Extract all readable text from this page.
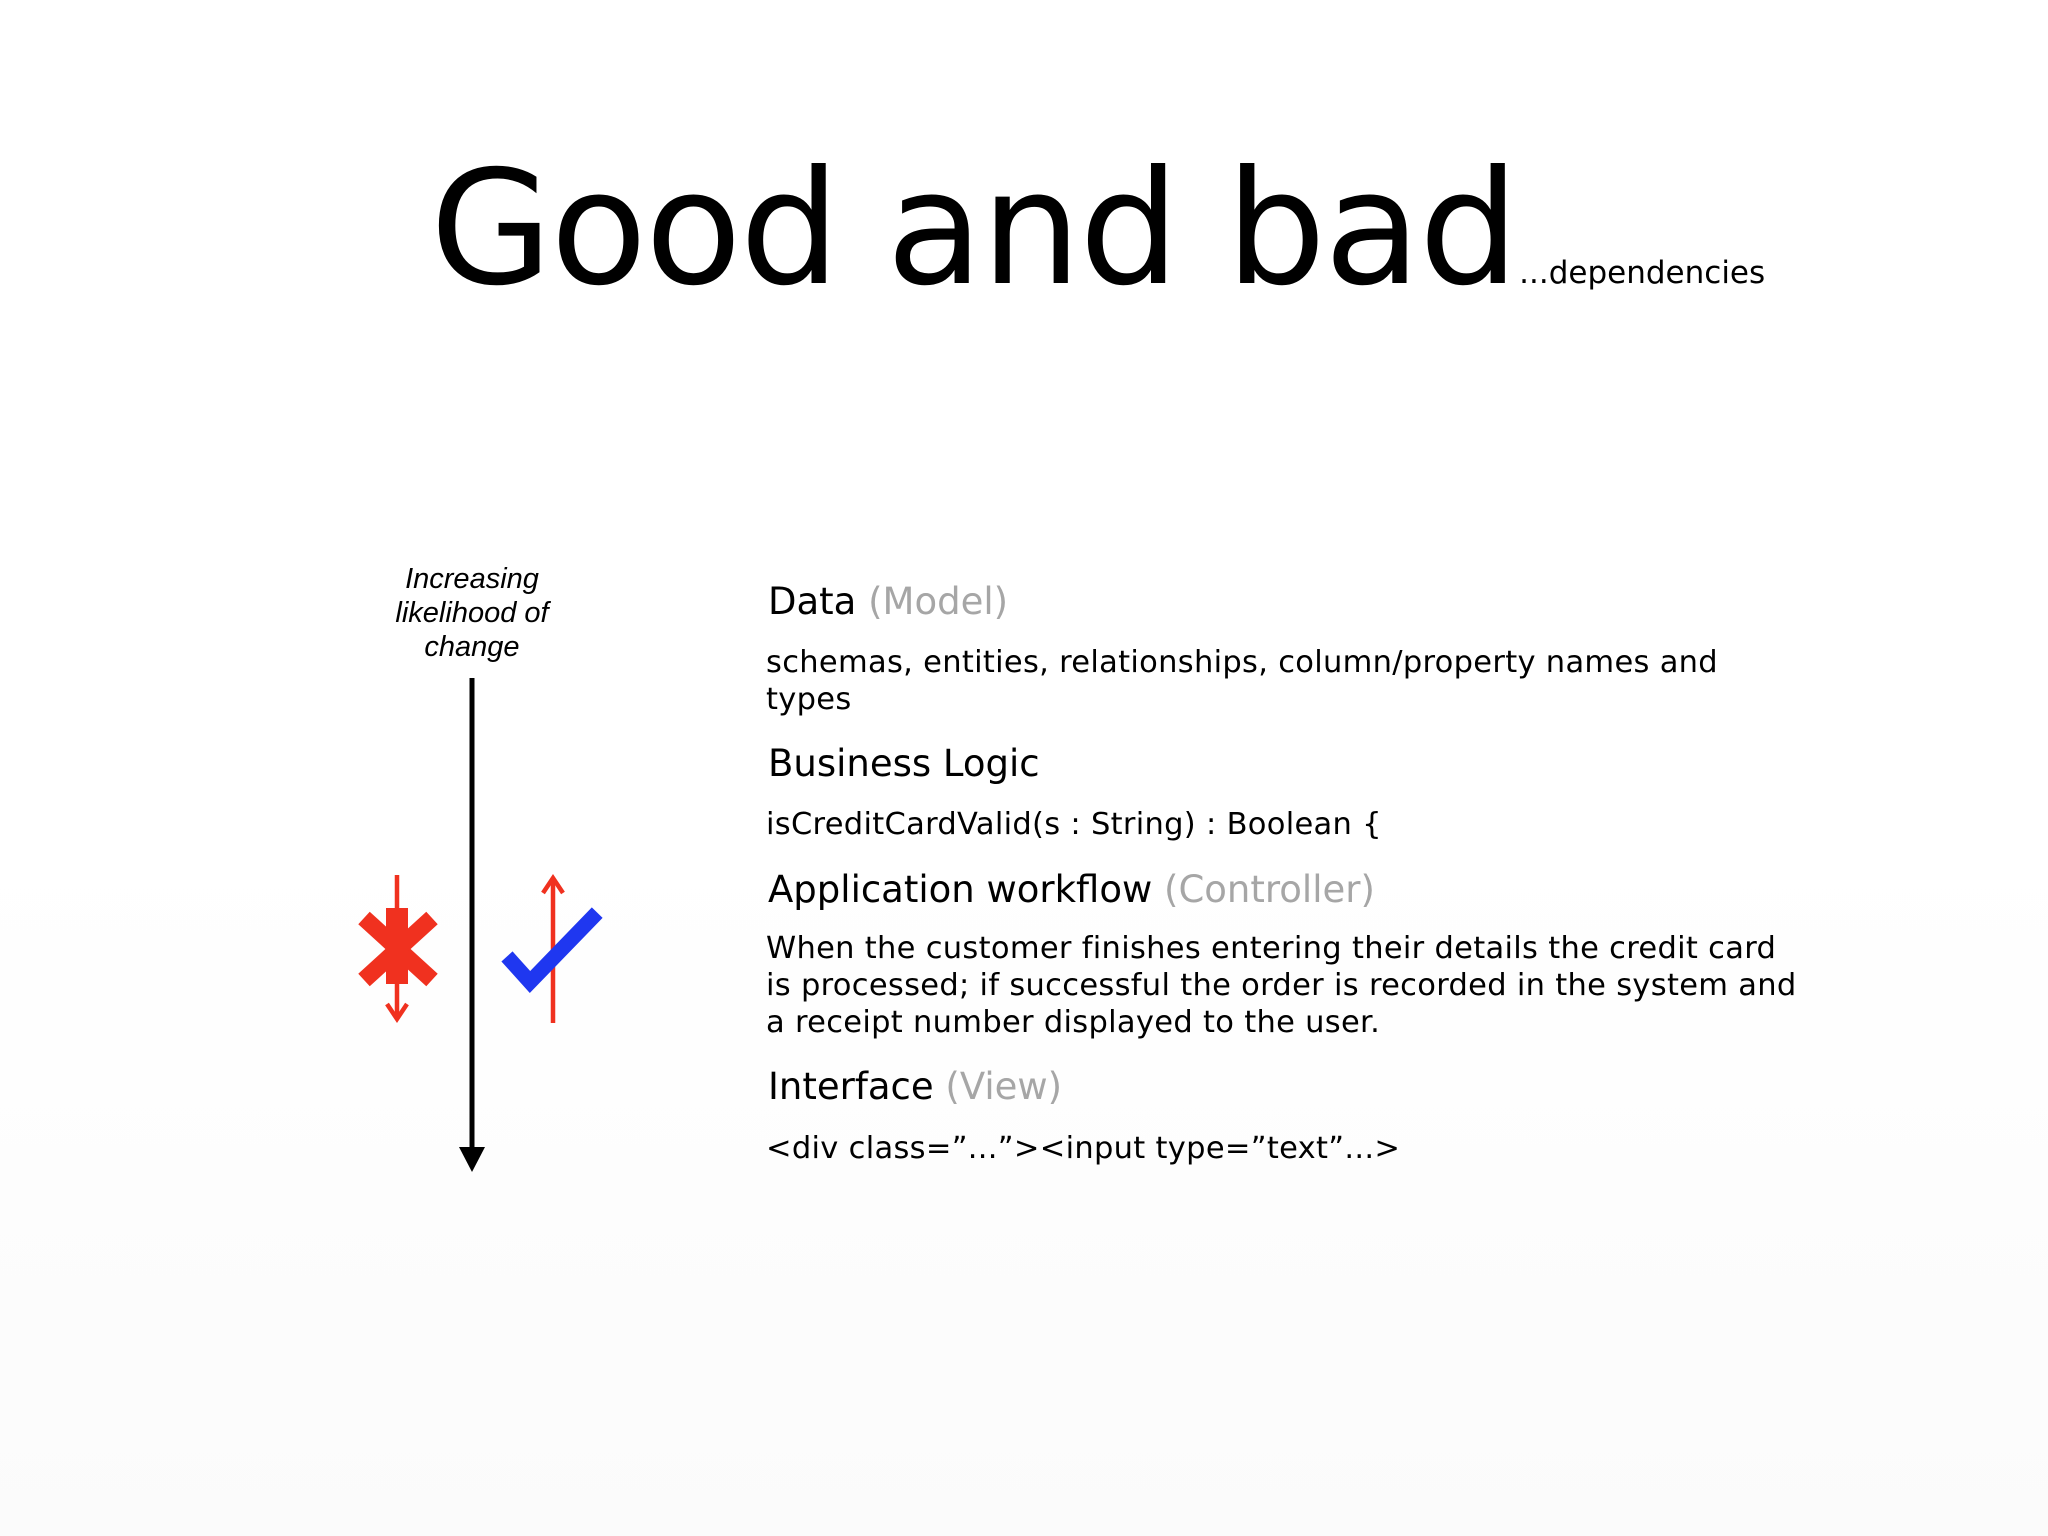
Good and bad...dependencies
Increasing
likelihood of
change
Data (Model)
schemas, entities, relationships, column/property names and types
Business Logic
isCreditCardValid(s : String) : Boolean {
Application workflow (Controller)
When the customer finishes entering their details the credit card is processed; if successful the order is recorded in the system and a receipt number displayed to the user.
Interface (View)
<div class=”...”><input type=”text”...>
